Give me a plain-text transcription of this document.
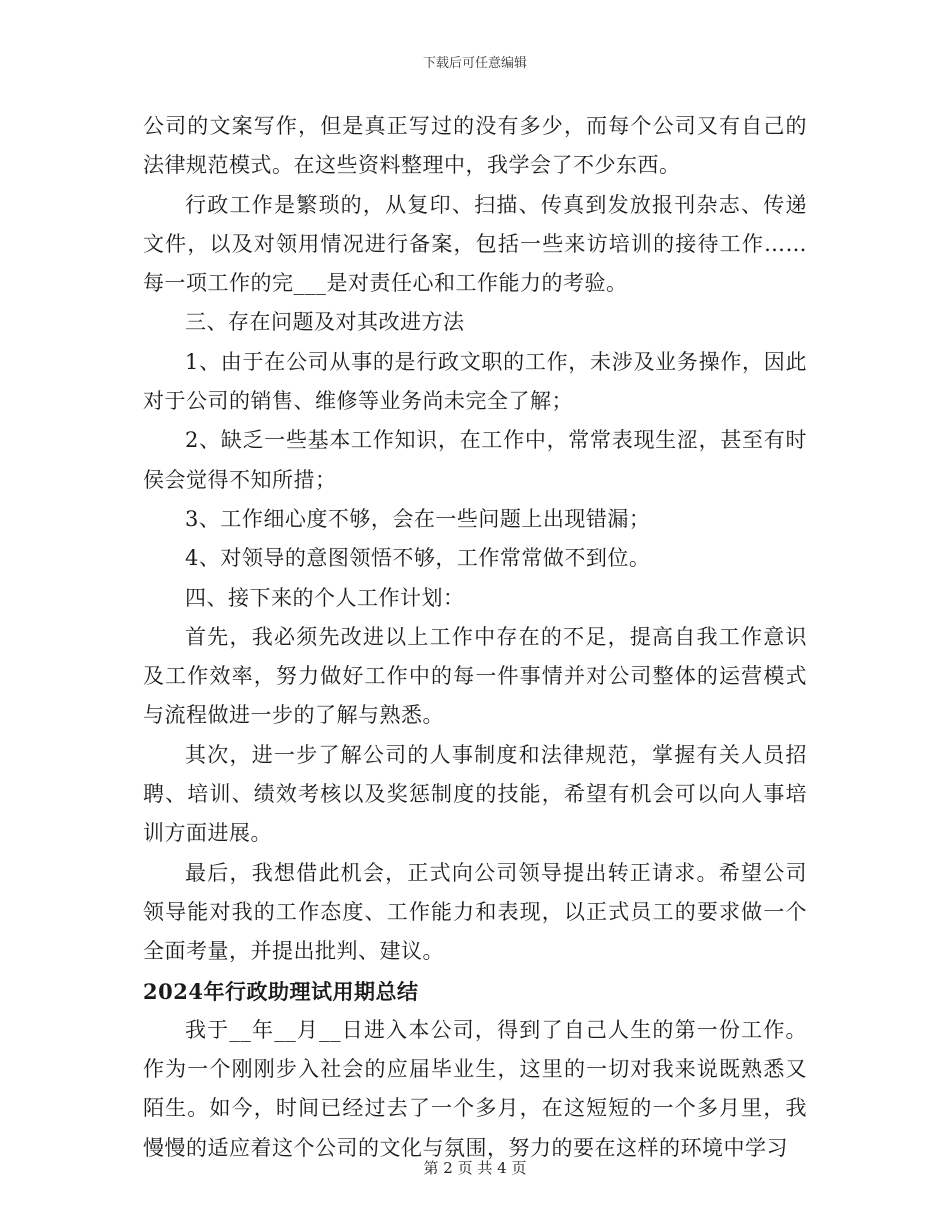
下载后可任意编辑

公司的文案写作，但是真正写过的没有多少，而每个公司又有自己的法律规范模式。在这些资料整理中，我学会了不少东西。

行政工作是繁琐的，从复印、扫描、传真到发放报刊杂志、传递文件，以及对领用情况进行备案，包括一些来访培训的接待工作……每一项工作的完___是对责任心和工作能力的考验。

三、存在问题及对其改进方法

1、由于在公司从事的是行政文职的工作，未涉及业务操作，因此对于公司的销售、维修等业务尚未完全了解；

2、缺乏一些基本工作知识，在工作中，常常表现生涩，甚至有时侯会觉得不知所措；

3、工作细心度不够，会在一些问题上出现错漏；

4、对领导的意图领悟不够，工作常常做不到位。

四、接下来的个人工作计划：

首先，我必须先改进以上工作中存在的不足，提高自我工作意识及工作效率，努力做好工作中的每一件事情并对公司整体的运营模式与流程做进一步的了解与熟悉。

其次，进一步了解公司的人事制度和法律规范，掌握有关人员招聘、培训、绩效考核以及奖惩制度的技能，希望有机会可以向人事培训方面进展。

最后，我想借此机会，正式向公司领导提出转正请求。希望公司领导能对我的工作态度、工作能力和表现，以正式员工的要求做一个全面考量，并提出批判、建议。

2024年行政助理试用期总结

我于__年__月__日进入本公司，得到了自己人生的第一份工作。作为一个刚刚步入社会的应届毕业生，这里的一切对我来说既熟悉又陌生。如今，时间已经过去了一个多月，在这短短的一个多月里，我慢慢的适应着这个公司的文化与氛围，努力的要在这样的环境中学习

第 2 页 共 4 页
